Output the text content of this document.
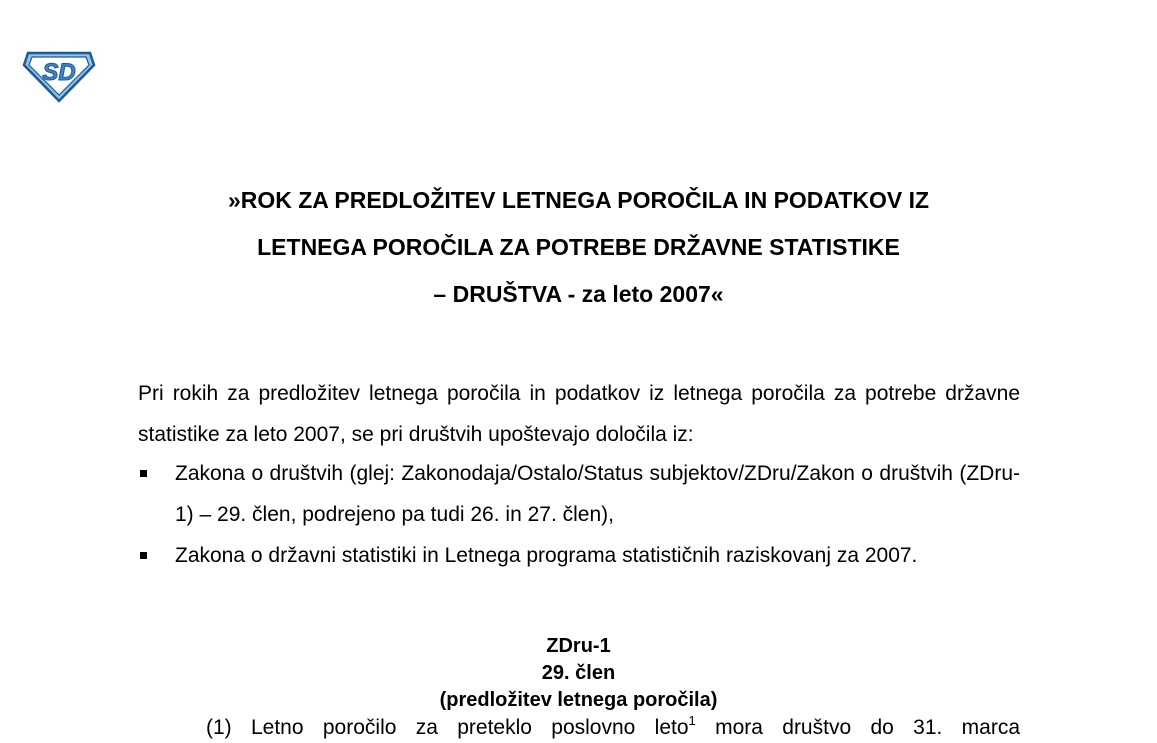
SD
»ROK ZA PREDLOŽITEV LETNEGA POROČILA IN PODATKOV IZ
LETNEGA POROČILA ZA POTREBE DRŽAVNE STATISTIKE
– DRUŠTVA - za leto 2007«
Pri rokih za predložitev letnega poročila in podatkov iz letnega poročila za potrebe državne statistike za leto 2007, se pri društvih upoštevajo določila iz:
Zakona o društvih (glej: Zakonodaja/Ostalo/Status subjektov/ZDru/Zakon o društvih (ZDru-1) – 29. člen, podrejeno pa tudi 26. in 27. člen),
Zakona o državni statistiki in Letnega programa statističnih raziskovanj za 2007.
ZDru-1
29. člen
(predložitev letnega poročila)
(1) Letno poročilo za preteklo poslovno leto$^1$ mora društvo do 31. marca
